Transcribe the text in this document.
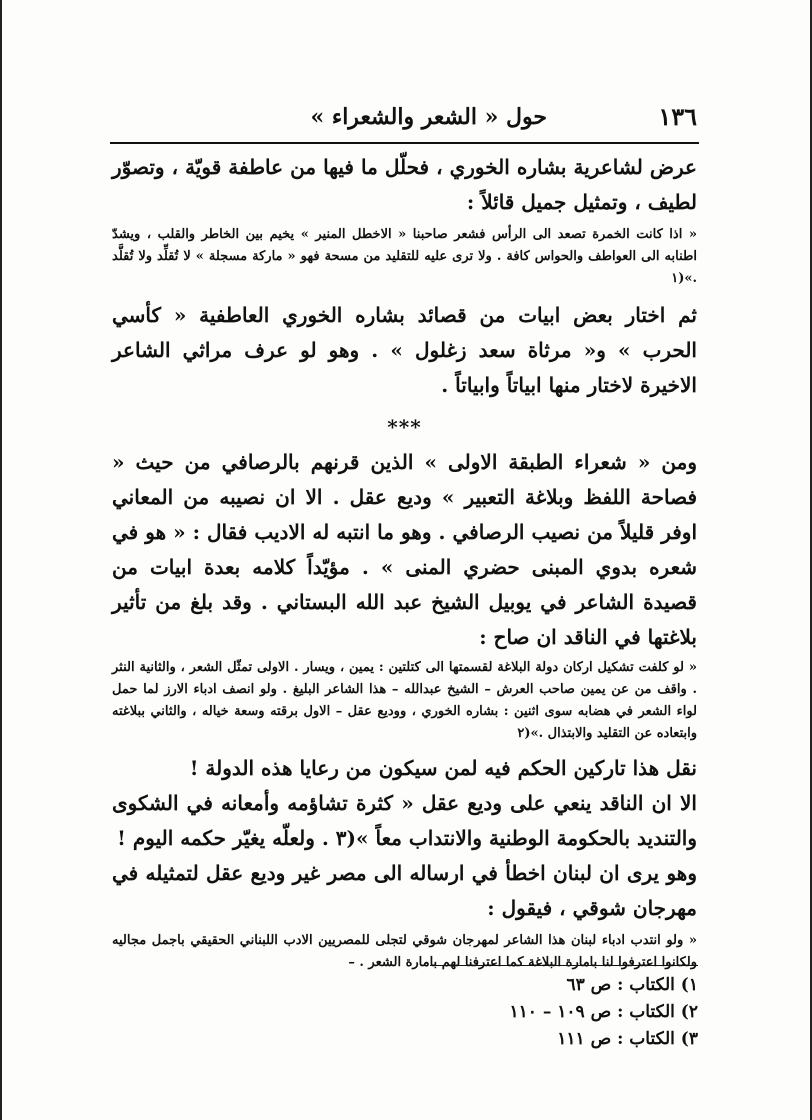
١٣٦
حول « الشعر والشعراء »

عرض لشاعرية بشاره الخوري ، فحلّل ما فيها من عاطفة قويّة ، وتصوّر لطيف ، وتمثيل جميل قائلاً :

« اذا كانت الخمرة تصعد الى الرأس فشعر صاحبنا « الاخطل المنير » يخيم بين الخاطر والقلب ، ويشدّ اطنابه الى العواطف والحواس كافة . ولا ترى عليه للتقليد من مسحة فهو « ماركة مسجلة » لا تُقلِّد ولا تُقلَّد .»(١

ثم اختار بعض ابيات من قصائد بشاره الخوري العاطفية « كأسي الحرب » و« مرثاة سعد زغلول » . وهو لو عرف مراثي الشاعر الاخيرة لاختار منها ابياتاً وابياتاً .

***

ومن « شعراء الطبقة الاولى » الذين قرنهم بالرصافي من حيث « فصاحة اللفظ وبلاغة التعبير » وديع عقل . الا ان نصيبه من المعاني اوفر قليلاً من نصيب الرصافي . وهو ما انتبه له الاديب فقال : « هو في شعره بدوي المبنى حضري المنى » . مؤيّداً كلامه بعدة ابيات من قصيدة الشاعر في يوبيل الشيخ عبد الله البستاني . وقد بلغ من تأثير بلاغتها في الناقد ان صاح :

« لو كلفت تشكيل اركان دولة البلاغة لقسمتها الى كتلتين : يمين ، ويسار . الاولى تمثّل الشعر ، والثانية النثر . واقف من عن يمين صاحب العرش – الشيخ عبدالله – هذا الشاعر البليغ . ولو انصف ادباء الارز لما حمل لواء الشعر في هضابه سوى اثنين : بشاره الخوري ، ووديع عقل – الاول برقته وسعة خياله ، والثاني ببلاغته وابتعاده عن التقليد والابتذال .»(٢

نقل هذا تاركين الحكم فيه لمن سيكون من رعايا هذه الدولة !

الا ان الناقد ينعي على وديع عقل « كثرة تشاؤمه وأمعانه في الشكوى والتنديد بالحكومة الوطنية والانتداب معاً »(٣ . ولعلّه يغيّر حكمه اليوم !

وهو يرى ان لبنان اخطأ في ارساله الى مصر غير وديع عقل لتمثيله في مهرجان شوقي ، فيقول :

« ولو انتدب ادباء لبنان هذا الشاعر لمهرجان شوقي لتجلى للمصريين الادب اللبناني الحقيقي باجمل مجاليه ولكانوا اعترفوا لنا بامارة البلاغة كما اعترفنا لهم بامارة الشعر . –

١) الكتاب : ص ٦٣
٢) الكتاب : ص ١٠٩ – ١١٠
٣) الكتاب : ص ١١١
